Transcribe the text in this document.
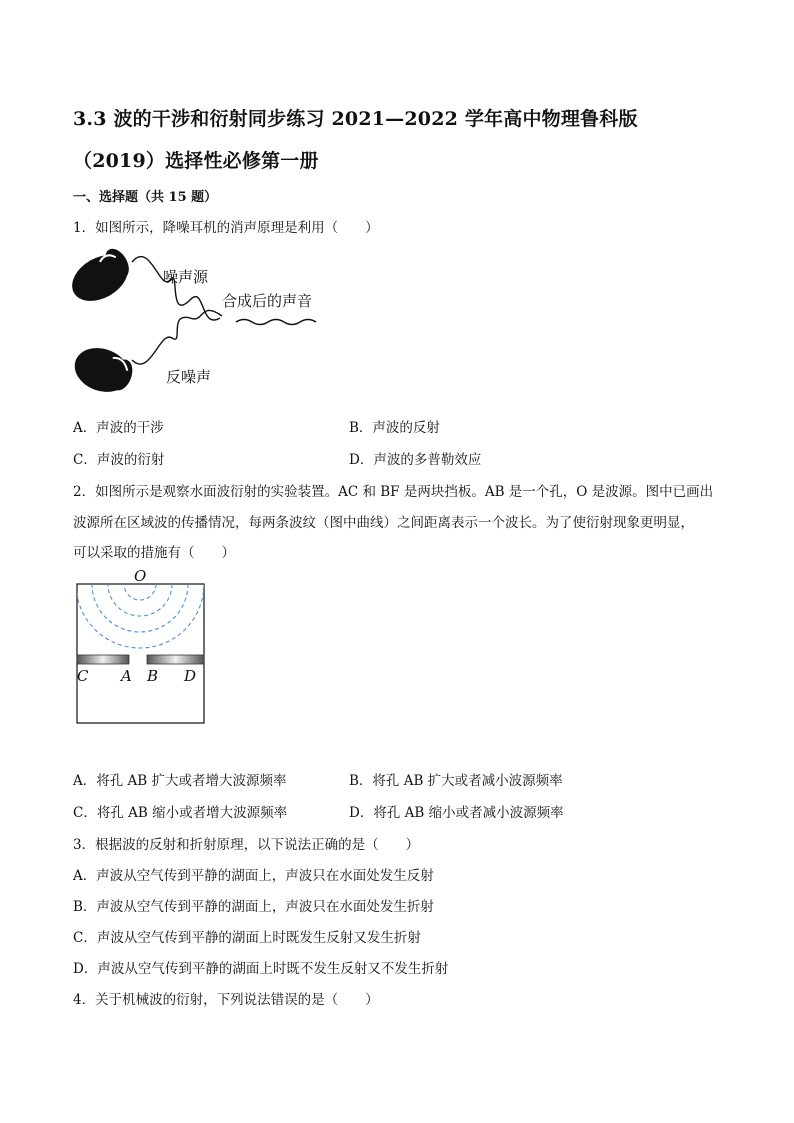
3.3 波的干涉和衍射同步练习 2021—2022 学年高中物理鲁科版
（2019）选择性必修第一册
一、选择题（共 15 题）
1．如图所示，降噪耳机的消声原理是利用（　　）
噪声源
合成后的声音
反噪声
A．声波的干涉	B．声波的反射
C．声波的衍射	D．声波的多普勒效应
2．如图所示是观察水面波衍射的实验装置。AC 和 BF 是两块挡板。AB 是一个孔，O 是波源。图中已画出
波源所在区域波的传播情况，每两条波纹（图中曲线）之间距离表示一个波长。为了使衍射现象更明显，
可以采取的措施有（　　）
O
C A B D
A．将孔 AB 扩大或者增大波源频率	B．将孔 AB 扩大或者减小波源频率
C．将孔 AB 缩小或者增大波源频率	D．将孔 AB 缩小或者减小波源频率
3．根据波的反射和折射原理，以下说法正确的是（　　）
A．声波从空气传到平静的湖面上，声波只在水面处发生反射
B．声波从空气传到平静的湖面上，声波只在水面处发生折射
C．声波从空气传到平静的湖面上时既发生反射又发生折射
D．声波从空气传到平静的湖面上时既不发生反射又不发生折射
4．关于机械波的衍射，下列说法错误的是（　　）
